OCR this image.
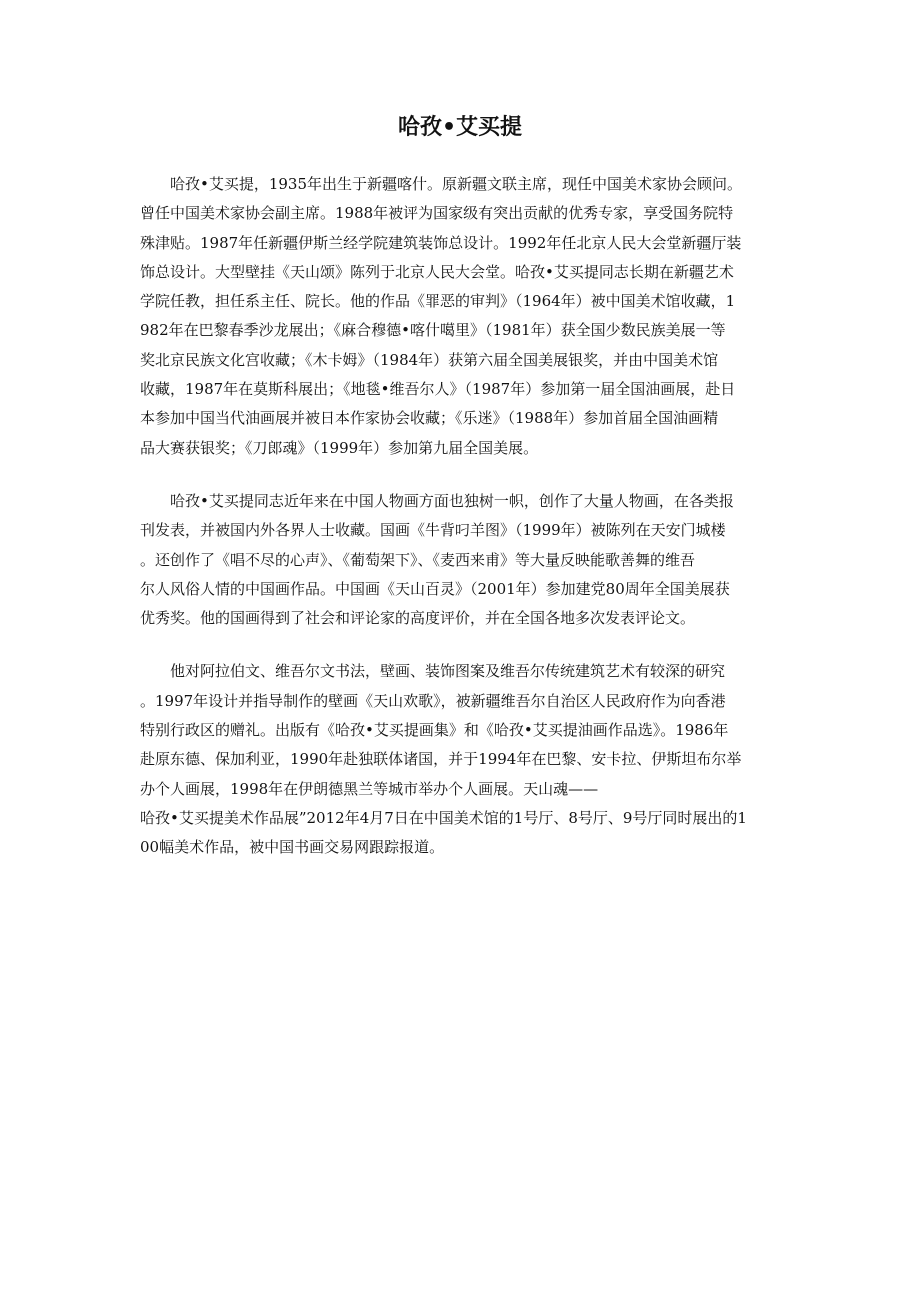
哈孜•艾买提

哈孜•艾买提，1935年出生于新疆喀什。原新疆文联主席，现任中国美术家协会顾问。
曾任中国美术家协会副主席。1988年被评为国家级有突出贡献的优秀专家，享受国务院特
殊津贴。1987年任新疆伊斯兰经学院建筑装饰总设计。1992年任北京人民大会堂新疆厅装
饰总设计。大型壁挂《天山颂》陈列于北京人民大会堂。哈孜•艾买提同志长期在新疆艺术
学院任教，担任系主任、院长。他的作品《罪恶的审判》（1964年）被中国美术馆收藏，1
982年在巴黎春季沙龙展出；《麻合穆德•喀什噶里》（1981年）获全国少数民族美展一等
奖北京民族文化宫收藏；《木卡姆》（1984年）获第六届全国美展银奖，并由中国美术馆
收藏，1987年在莫斯科展出；《地毯•维吾尔人》（1987年）参加第一届全国油画展，赴日
本参加中国当代油画展并被日本作家协会收藏；《乐迷》（1988年）参加首届全国油画精
品大赛获银奖；《刀郎魂》（1999年）参加第九届全国美展。

哈孜•艾买提同志近年来在中国人物画方面也独树一帜，创作了大量人物画，在各类报
刊发表，并被国内外各界人士收藏。国画《牛背叼羊图》（1999年）被陈列在天安门城楼
。还创作了《唱不尽的心声》、《葡萄架下》、《麦西来甫》等大量反映能歌善舞的维吾
尔人风俗人情的中国画作品。中国画《天山百灵》（2001年）参加建党80周年全国美展获
优秀奖。他的国画得到了社会和评论家的高度评价，并在全国各地多次发表评论文。

他对阿拉伯文、维吾尔文书法，壁画、装饰图案及维吾尔传统建筑艺术有较深的研究
。1997年设计并指导制作的壁画《天山欢歌》，被新疆维吾尔自治区人民政府作为向香港
特别行政区的赠礼。出版有《哈孜•艾买提画集》和《哈孜•艾买提油画作品选》。1986年
赴原东德、保加利亚，1990年赴独联体诸国，并于1994年在巴黎、安卡拉、伊斯坦布尔举
办个人画展，1998年在伊朗德黑兰等城市举办个人画展。天山魂——
哈孜•艾买提美术作品展”2012年4月7日在中国美术馆的1号厅、8号厅、9号厅同时展出的1
00幅美术作品，被中国书画交易网跟踪报道。
